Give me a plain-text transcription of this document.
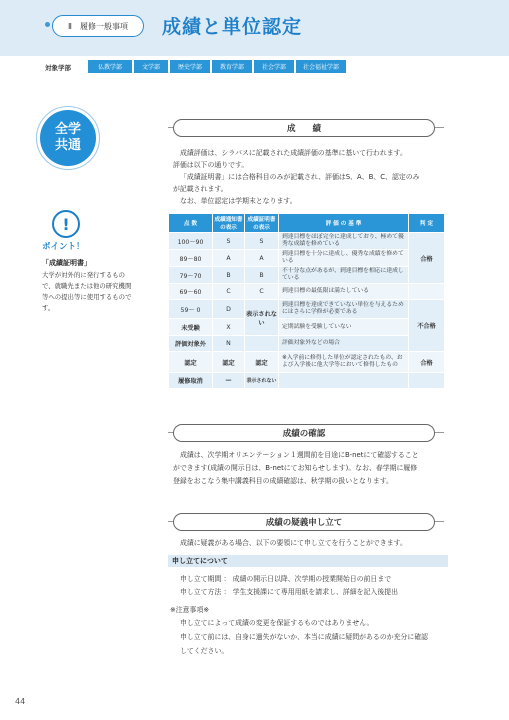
Ⅱ　履修一般事項	成績と単位認定
対象学部	仏教学部	文学部	歴史学部	教育学部	社会学部	社会福祉学部
全学
共通
!
ポイント！
「成績証明書」
大学が対外的に発行するもので、就職先または他の研究機関等への提出等に使用するものです。
成　　績
成績評価は、シラバスに記載された成績評価の基準に基いて行われます。
評価は以下の通りです。
「成績証明書」には合格科目のみが記載され、評価はS、A、B、C、認定のみ
が記載されます。
なお、単位認定は学期末となります。
点 数	成績通知書の表示	成績証明書の表示	評 価 の 基 準	判 定
100〜90	S	S	到達目標をほぼ完全に達成しており、極めて優秀な成績を修めている	合格
89〜80	A	A	到達目標を十分に達成し、優秀な成績を修めている	
79〜70	B	B	不十分な点があるが、到達目標を相応に達成している	
69〜60	C	C	到達目標の最低限は満たしている	
59〜 0	D	表示されない	到達目標を達成できていない単位を与えるためにはさらに学修が必要である	不合格
未受験	X		定期試験を受験していない	
評価対象外	N		評価対象外などの場合	
認定	認定	認定	※入学前に修得した単位が認定されたもの、および入学後に他大学等において修得したもの	合格
履修取消	—	表示されない		
成績の確認
成績は、次学期オリエンテーション１週間前を目途にB-netにて確認すること
ができます(成績の開示日は、B-netにてお知らせします)。なお、春学期に履修
登録をおこなう集中講義科目の成績確認は、秋学期の扱いとなります。
成績の疑義申し立て
成績に疑義がある場合、以下の要領にて申し立てを行うことができます。
申し立てについて
申し立て期間 ： 成績の開示日以降、次学期の授業開始日の前日まで
申し立て方法 ： 学生支援課にて専用用紙を請求し、詳細を記入後提出
※注意事項※
申し立てによって成績の変更を保証するものではありません。
申し立て前には、自身に過失がないか、本当に成績に疑問があるのか充分に確認
してください。
44
